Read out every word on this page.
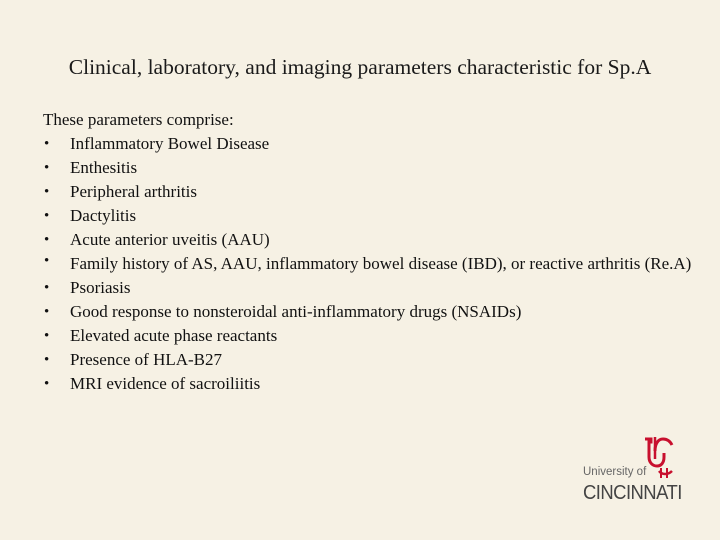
Clinical, laboratory, and imaging parameters characteristic for Sp.A

These parameters comprise:

• Inflammatory Bowel Disease
• Enthesitis
• Peripheral arthritis
• Dactylitis
• Acute anterior uveitis (AAU)
• Family history of AS, AAU, inflammatory bowel disease (IBD), or reactive arthritis (Re.A)
• Psoriasis
• Good response to nonsteroidal anti-inflammatory drugs (NSAIDs)
• Elevated acute phase reactants
• Presence of HLA-B27
• MRI evidence of sacroiliitis
University of
CINCINNATI
